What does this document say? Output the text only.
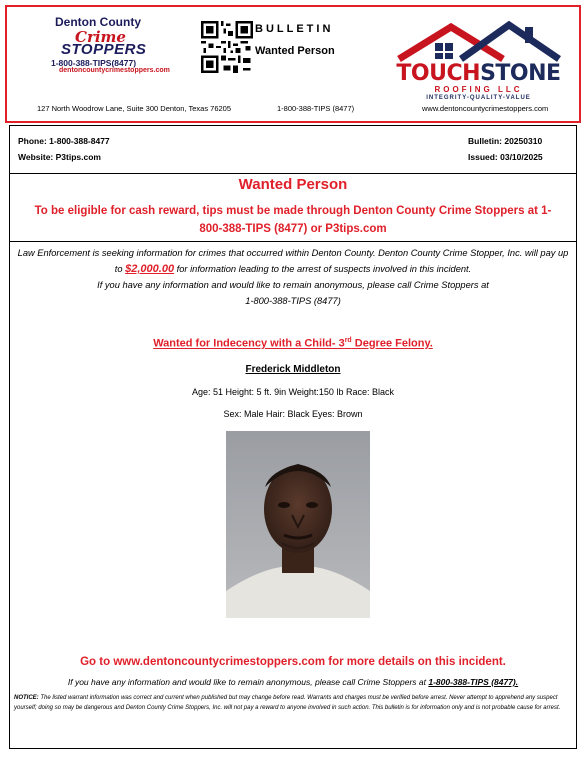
Denton County
Crime
STOPPERS
1-800-388-TIPS(8477)
dentoncountycrimestoppers.com
BULLETIN
Wanted Person
TOUCHSTONE
ROOFING LLC
INTEGRITY-QUALITY-VALUE
127 North Woodrow Lane, Suite 300 Denton, Texas 76205	1-800-388-TIPS (8477)	www.dentoncountycrimestoppers.com
Phone: 1-800-388-8477
Website: P3tips.com
Bulletin: 20250310
Issued: 03/10/2025
Wanted Person
To be eligible for cash reward, tips must be made through Denton County Crime Stoppers at 1-
800-388-TIPS (8477) or P3tips.com
Law Enforcement is seeking information for crimes that occurred within Denton County. Denton County Crime Stopper, Inc. will pay up to $2,000.00 for information leading to the arrest of suspects involved in this incident.
If you have any information and would like to remain anonymous, please call Crime Stoppers at
1-800-388-TIPS (8477)
Wanted for Indecency with a Child- 3rd Degree Felony.
Frederick Middleton
Age: 51 Height: 5 ft. 9in Weight:150 lb Race: Black
Sex: Male Hair: Black Eyes: Brown
Go to www.dentoncountycrimestoppers.com for more details on this incident.
If you have any information and would like to remain anonymous, please call Crime Stoppers at 1-800-388-TIPS (8477).
NOTICE: The listed warrant information was correct and current when published but may change before read. Warrants and charges must be verified before arrest. Never attempt to apprehend any suspect yourself; doing so may be dangerous and Denton County Crime Stoppers, Inc. will not pay a reward to anyone involved in such action. This bulletin is for information only and is not probable cause for arrest.
